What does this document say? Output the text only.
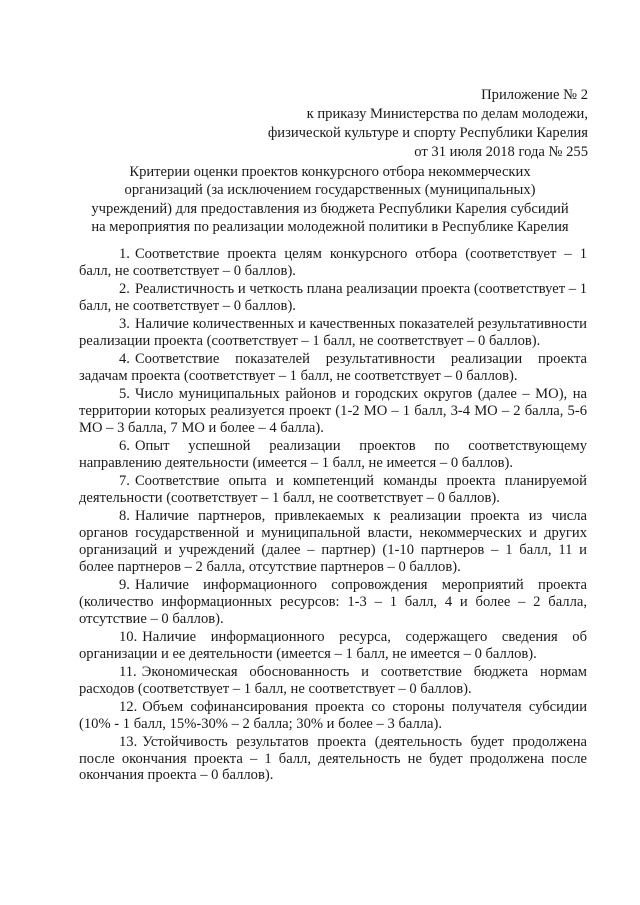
Приложение № 2
к приказу Министерства по делам молодежи,
физической культуре и спорту Республики Карелия
от 31 июля 2018 года № 255
Критерии оценки проектов конкурсного отбора некоммерческих
организаций (за исключением государственных (муниципальных)
учреждений) для предоставления из бюджета Республики Карелия субсидий
на мероприятия по реализации молодежной политики в Республике Карелия
1. Соответствие проекта целям конкурсного отбора (соответствует – 1 балл, не соответствует – 0 баллов).
2. Реалистичность и четкость плана реализации проекта (соответствует – 1 балл, не соответствует – 0 баллов).
3. Наличие количественных и качественных показателей результативности реализации проекта (соответствует – 1 балл, не соответствует – 0 баллов).
4. Соответствие показателей результативности реализации проекта задачам проекта (соответствует – 1 балл, не соответствует – 0 баллов).
5. Число муниципальных районов и городских округов (далее – МО), на территории которых реализуется проект (1-2 МО – 1 балл, 3-4 МО – 2 балла, 5-6 МО – 3 балла, 7 МО и более – 4 балла).
6. Опыт успешной реализации проектов по соответствующему направлению деятельности (имеется – 1 балл, не имеется – 0 баллов).
7. Соответствие опыта и компетенций команды проекта планируемой деятельности (соответствует – 1 балл, не соответствует – 0 баллов).
8. Наличие партнеров, привлекаемых к реализации проекта из числа органов государственной и муниципальной власти, некоммерческих и других организаций и учреждений (далее – партнер) (1-10 партнеров – 1 балл, 11 и более партнеров – 2 балла, отсутствие партнеров – 0 баллов).
9. Наличие информационного сопровождения мероприятий проекта (количество информационных ресурсов: 1-3 – 1 балл, 4 и более – 2 балла, отсутствие – 0 баллов).
10. Наличие информационного ресурса, содержащего сведения об организации и ее деятельности (имеется – 1 балл, не имеется – 0 баллов).
11. Экономическая обоснованность и соответствие бюджета нормам расходов (соответствует – 1 балл, не соответствует – 0 баллов).
12. Объем софинансирования проекта со стороны получателя субсидии (10% - 1 балл, 15%-30% – 2 балла; 30% и более – 3 балла).
13. Устойчивость результатов проекта (деятельность будет продолжена после окончания проекта – 1 балл, деятельность не будет продолжена после окончания проекта – 0 баллов).
